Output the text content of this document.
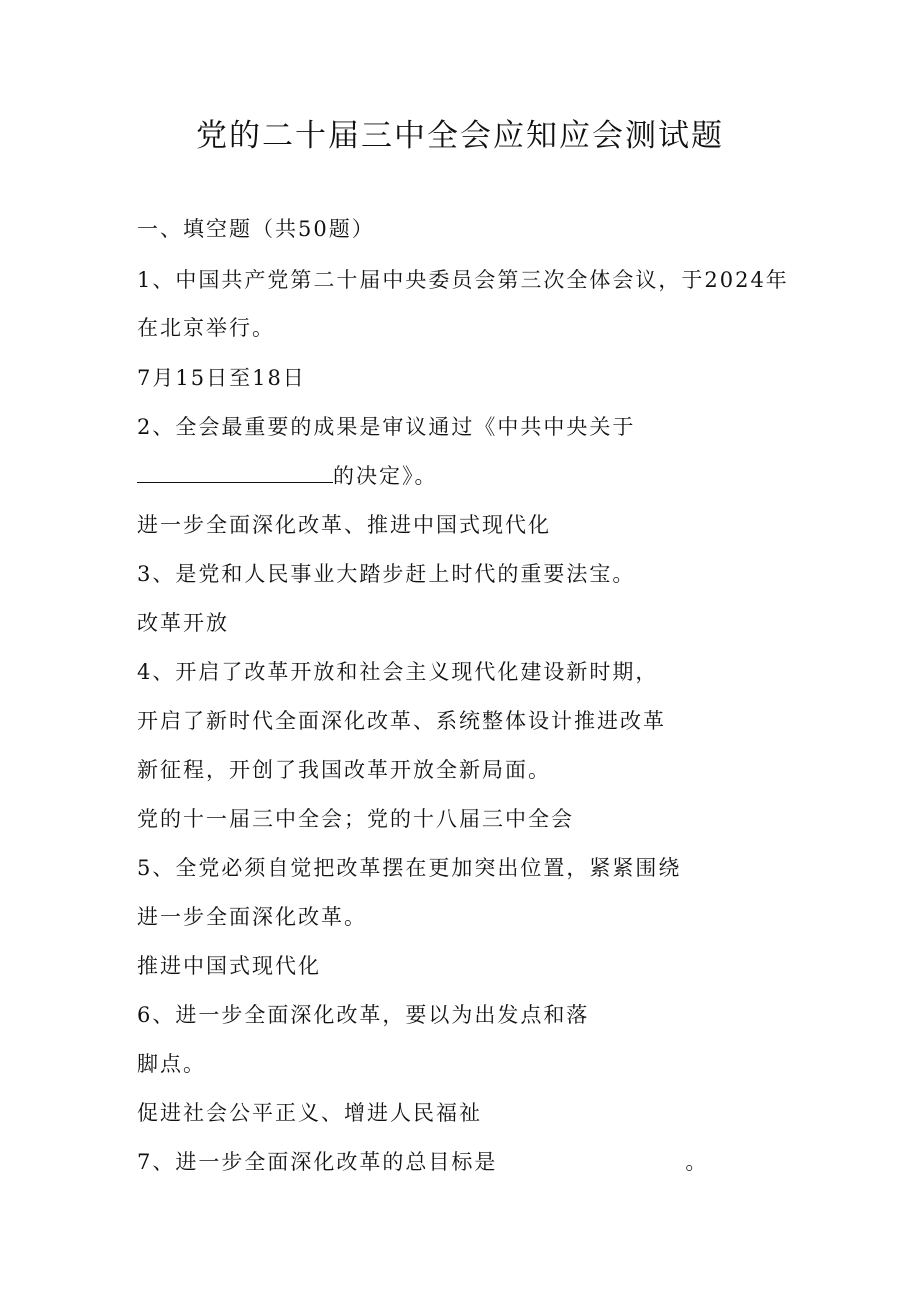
党的二十届三中全会应知应会测试题
一、填空题（共50题）
1、中国共产党第二十届中央委员会第三次全体会议，于2024年
在北京举行。
7月15日至18日
2、全会最重要的成果是审议通过《中共中央关于
的决定》。
进一步全面深化改革、推进中国式现代化
3、是党和人民事业大踏步赶上时代的重要法宝。
改革开放
4、开启了改革开放和社会主义现代化建设新时期，
开启了新时代全面深化改革、系统整体设计推进改革
新征程，开创了我国改革开放全新局面。
党的十一届三中全会；党的十八届三中全会
5、全党必须自觉把改革摆在更加突出位置，紧紧围绕
进一步全面深化改革。
推进中国式现代化
6、进一步全面深化改革，要以为出发点和落
脚点。
促进社会公平正义、增进人民福祉
7、进一步全面深化改革的总目标是	。
